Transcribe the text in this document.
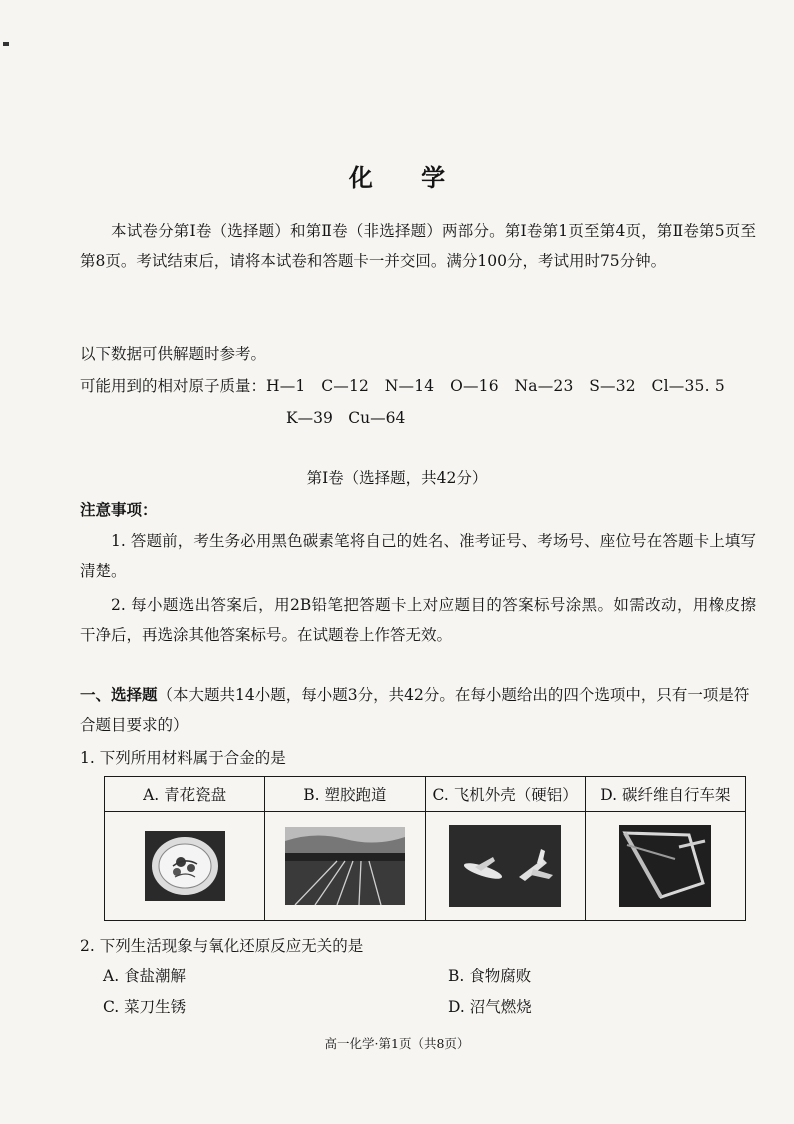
化 学
本试卷分第Ⅰ卷（选择题）和第Ⅱ卷（非选择题）两部分。第Ⅰ卷第1页至第4页，第Ⅱ卷第5页至第8页。考试结束后，请将本试卷和答题卡一并交回。满分100分，考试用时75分钟。
以下数据可供解题时参考。
可能用到的相对原子质量：H—1　C—12　N—14　O—16　Na—23　S—32　Cl—35. 5
K—39　Cu—64
第Ⅰ卷（选择题，共42分）
注意事项：
1. 答题前，考生务必用黑色碳素笔将自己的姓名、准考证号、考场号、座位号在答题卡上填写清楚。
2. 每小题选出答案后，用2B铅笔把答题卡上对应题目的答案标号涂黑。如需改动，用橡皮擦干净后，再选涂其他答案标号。在试题卷上作答无效。
一、选择题（本大题共14小题，每小题3分，共42分。在每小题给出的四个选项中，只有一项是符合题目要求的）
1. 下列所用材料属于合金的是
A. 青花瓷盘	B. 塑胶跑道	C. 飞机外壳（硬铝）	D. 碳纤维自行车架

2. 下列生活现象与氧化还原反应无关的是
A. 食盐潮解	B. 食物腐败
C. 菜刀生锈	D. 沼气燃烧
高一化学·第1页（共8页）
